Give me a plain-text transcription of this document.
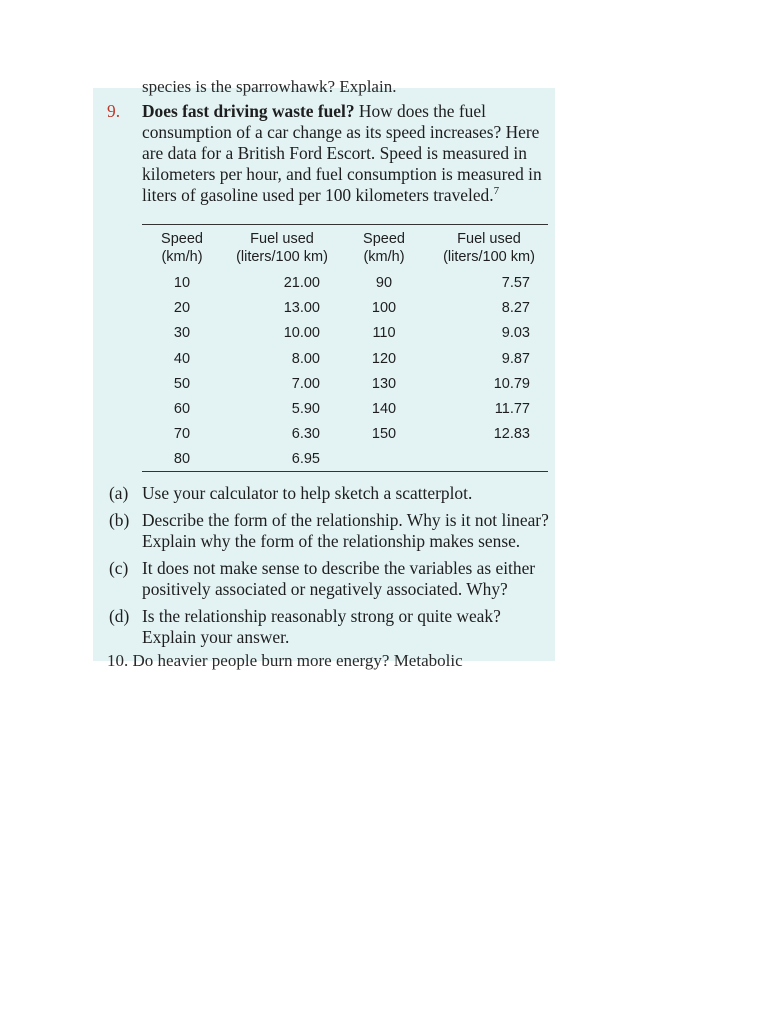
species is the sparrowhawk? Explain.
9. Does fast driving waste fuel? How does the fuel consumption of a car change as its speed increases? Here are data for a British Ford Escort. Speed is measured in kilometers per hour, and fuel consumption is measured in liters of gasoline used per 100 kilometers traveled.$^7$
Speed
(km/h)
10
20
30
40
50
60
70
80
Fuel used
(liters/100 km)
21.00
13.00
10.00
8.00
7.00
5.90
6.30
6.95
Speed
(km/h)
90
100
110
120
130
140
150
Fuel used
(liters/100 km)
7.57
8.27
9.03
9.87
10.79
11.77
12.83
(a) Use your calculator to help sketch a scatterplot.
(b) Describe the form of the relationship. Why is it not linear? Explain why the form of the relationship makes sense.
(c) It does not make sense to describe the variables as either positively associated or negatively associated. Why?
(d) Is the relationship reasonably strong or quite weak? Explain your answer.
10. Do heavier people burn more energy? Metabolic
